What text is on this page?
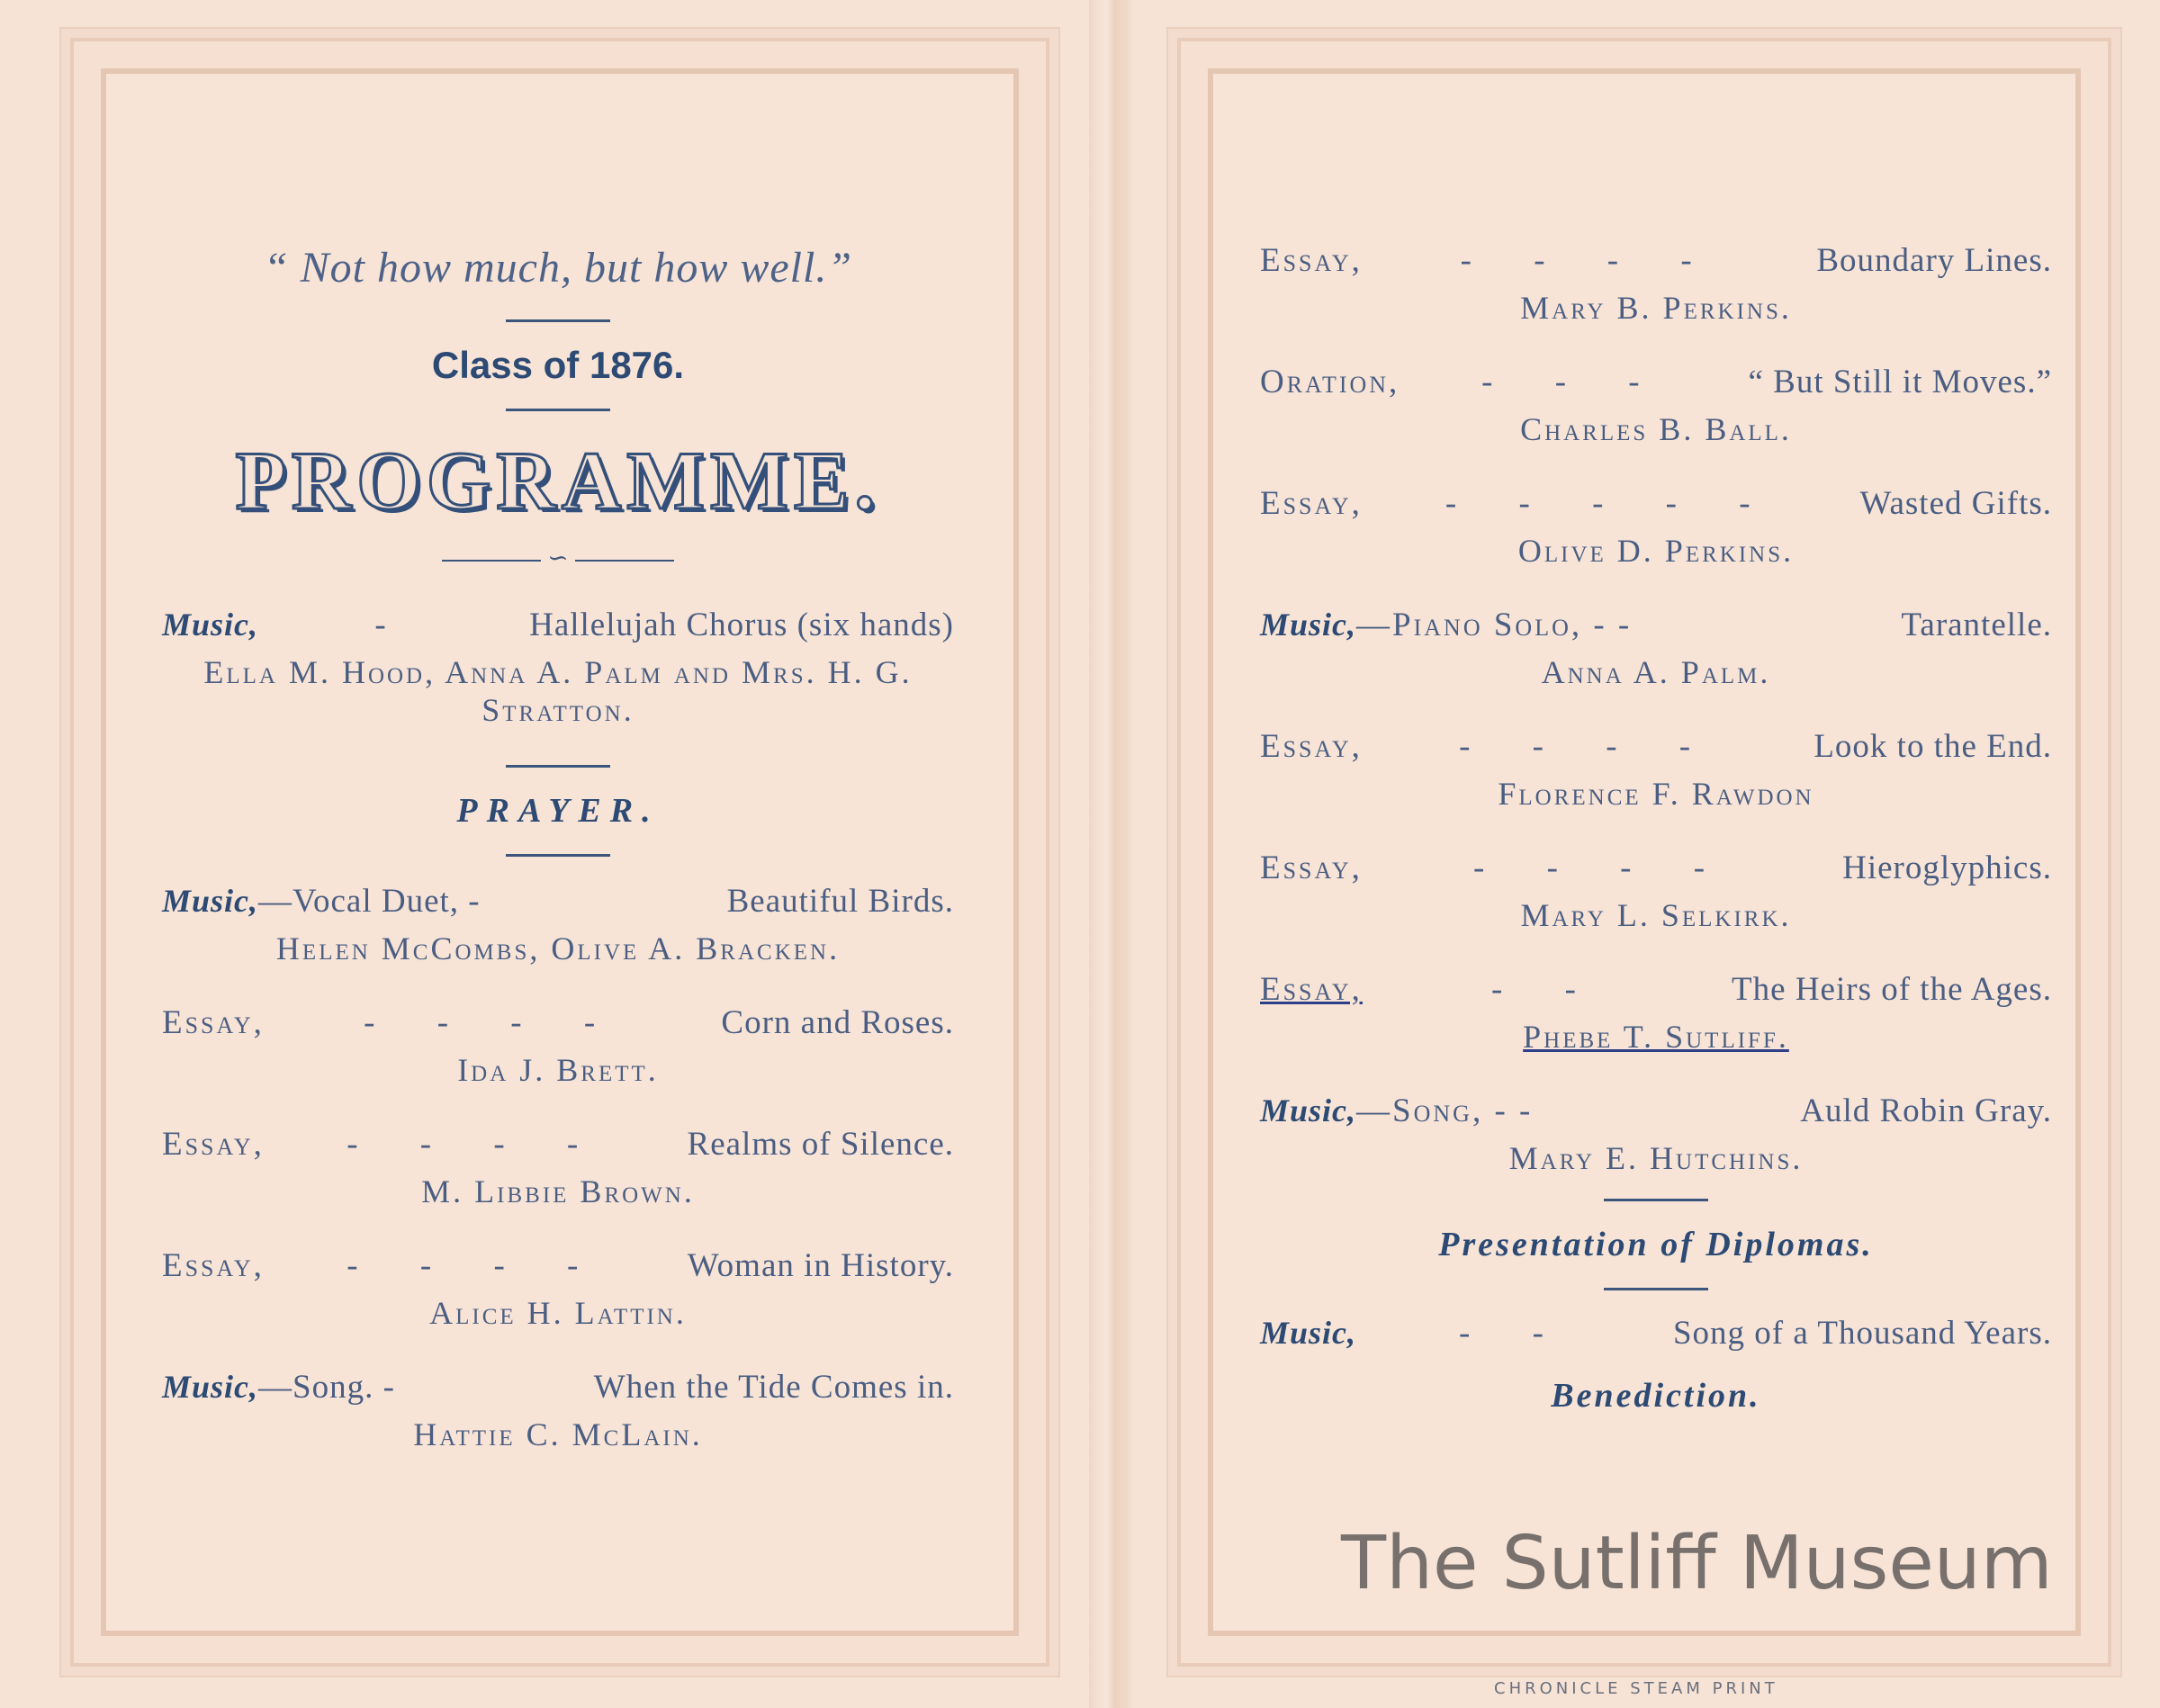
“ Not how much, but how well.”
Class of 1876.
PROGRAMME.
∽
Music,	-	Hallelujah Chorus (six hands)
Ella M. Hood, Anna A. Palm and Mrs. H. G. Stratton.
PRAYER.
Music, —Vocal Duet, -	Beautiful Birds.
Helen McCombs, Olive A. Bracken.
Essay,	- - - -	Corn and Roses.
Ida J. Brett.
Essay,	- - - -	Realms of Silence.
M. Libbie Brown.
Essay,	- - - -	Woman in History.
Alice H. Lattin.
Music, —Song. -	When the Tide Comes in.
Hattie C. McLain.
Essay,	- - - -	Boundary Lines.
Mary B. Perkins.
Oration,	- - -	“ But Still it Moves.”
Charles B. Ball.
Essay,	- - - - -	Wasted Gifts.
Olive D. Perkins.
Music, —Piano Solo, - -	Tarantelle.
Anna A. Palm.
Essay,	- - - -	Look to the End.
Florence F. Rawdon
Essay,	- - - -	Hieroglyphics.
Mary L. Selkirk.
Essay,	- -	The Heirs of the Ages.
Phebe T. Sutliff.
Music, —Song, - -	Auld Robin Gray.
Mary E. Hutchins.
Presentation of Diplomas.
Music,	- -	Song of a Thousand Years.
Benediction.
The Sutliff Museum
CHRONICLE STEAM PRINT
